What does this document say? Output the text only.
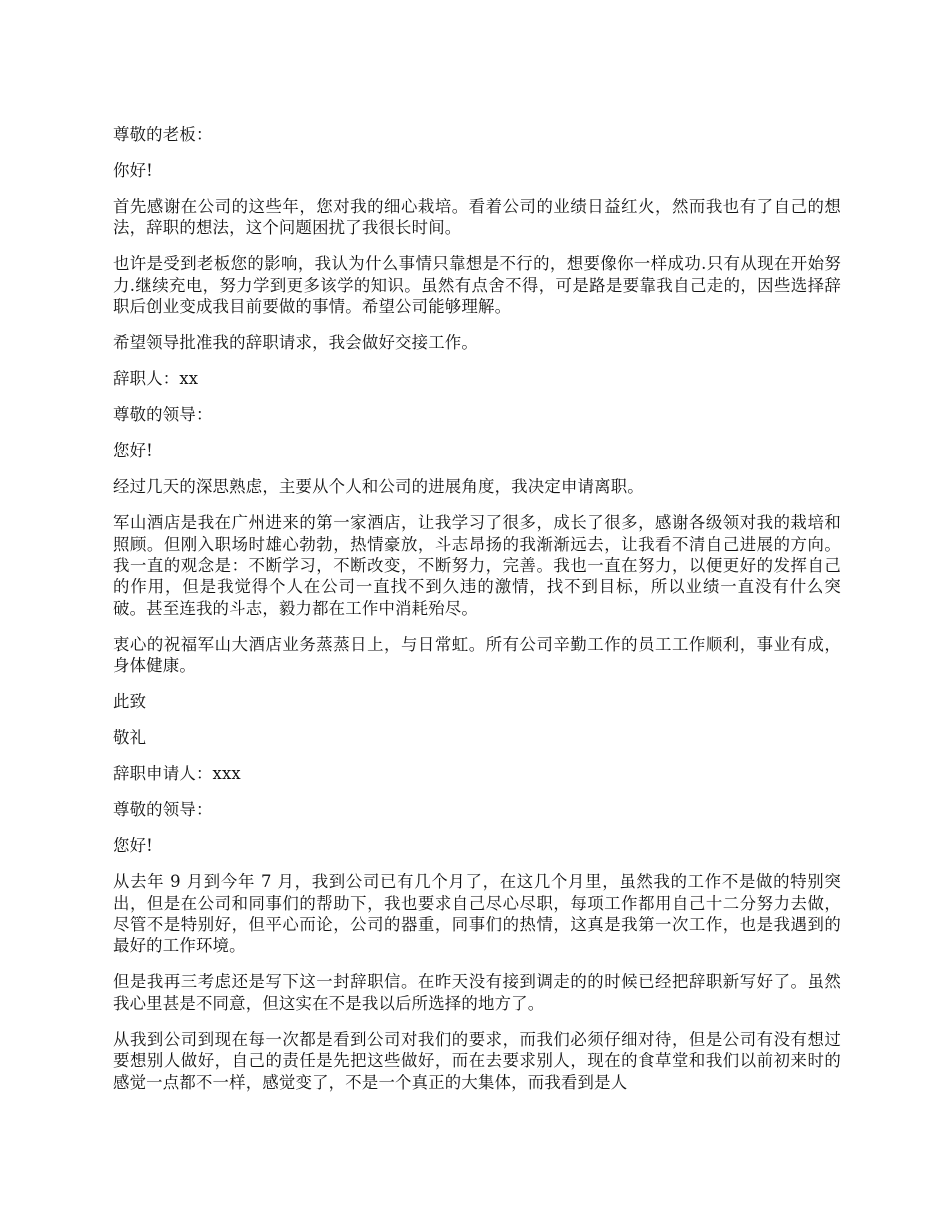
尊敬的老板：

你好!

首先感谢在公司的这些年，您对我的细心栽培。看着公司的业绩日益红火，然而我也有了自己的想法，辞职的想法，这个问题困扰了我很长时间。

也许是受到老板您的影响，我认为什么事情只靠想是不行的，想要像你一样成功.只有从现在开始努力.继续充电，努力学到更多该学的知识。虽然有点舍不得，可是路是要靠我自己走的，因些选择辞职后创业变成我目前要做的事情。希望公司能够理解。

希望领导批准我的辞职请求，我会做好交接工作。

辞职人：xx

尊敬的领导：

您好!

经过几天的深思熟虑，主要从个人和公司的进展角度，我决定申请离职。

军山酒店是我在广州进来的第一家酒店，让我学习了很多，成长了很多，感谢各级领对我的栽培和照顾。但刚入职场时雄心勃勃，热情豪放，斗志昂扬的我渐渐远去，让我看不清自己进展的方向。我一直的观念是：不断学习，不断改变，不断努力，完善。我也一直在努力，以便更好的发挥自己的作用，但是我觉得个人在公司一直找不到久违的激情，找不到目标，所以业绩一直没有什么突破。甚至连我的斗志，毅力都在工作中消耗殆尽。

衷心的祝福军山大酒店业务蒸蒸日上，与日常虹。所有公司辛勤工作的员工工作顺利，事业有成，身体健康。

此致

敬礼

辞职申请人：xxx

尊敬的领导：

您好!

从去年 9 月到今年 7 月，我到公司已有几个月了，在这几个月里，虽然我的工作不是做的特别突出，但是在公司和同事们的帮助下，我也要求自己尽心尽职，每项工作都用自己十二分努力去做，尽管不是特别好，但平心而论，公司的器重，同事们的热情，这真是我第一次工作，也是我遇到的最好的工作环境。

但是我再三考虑还是写下这一封辞职信。在昨天没有接到调走的的时候已经把辞职新写好了。虽然我心里甚是不同意，但这实在不是我以后所选择的地方了。

从我到公司到现在每一次都是看到公司对我们的要求，而我们必须仔细对待，但是公司有没有想过要想别人做好，自己的责任是先把这些做好，而在去要求别人，现在的食草堂和我们以前初来时的感觉一点都不一样，感觉变了，不是一个真正的大集体，而我看到是人
